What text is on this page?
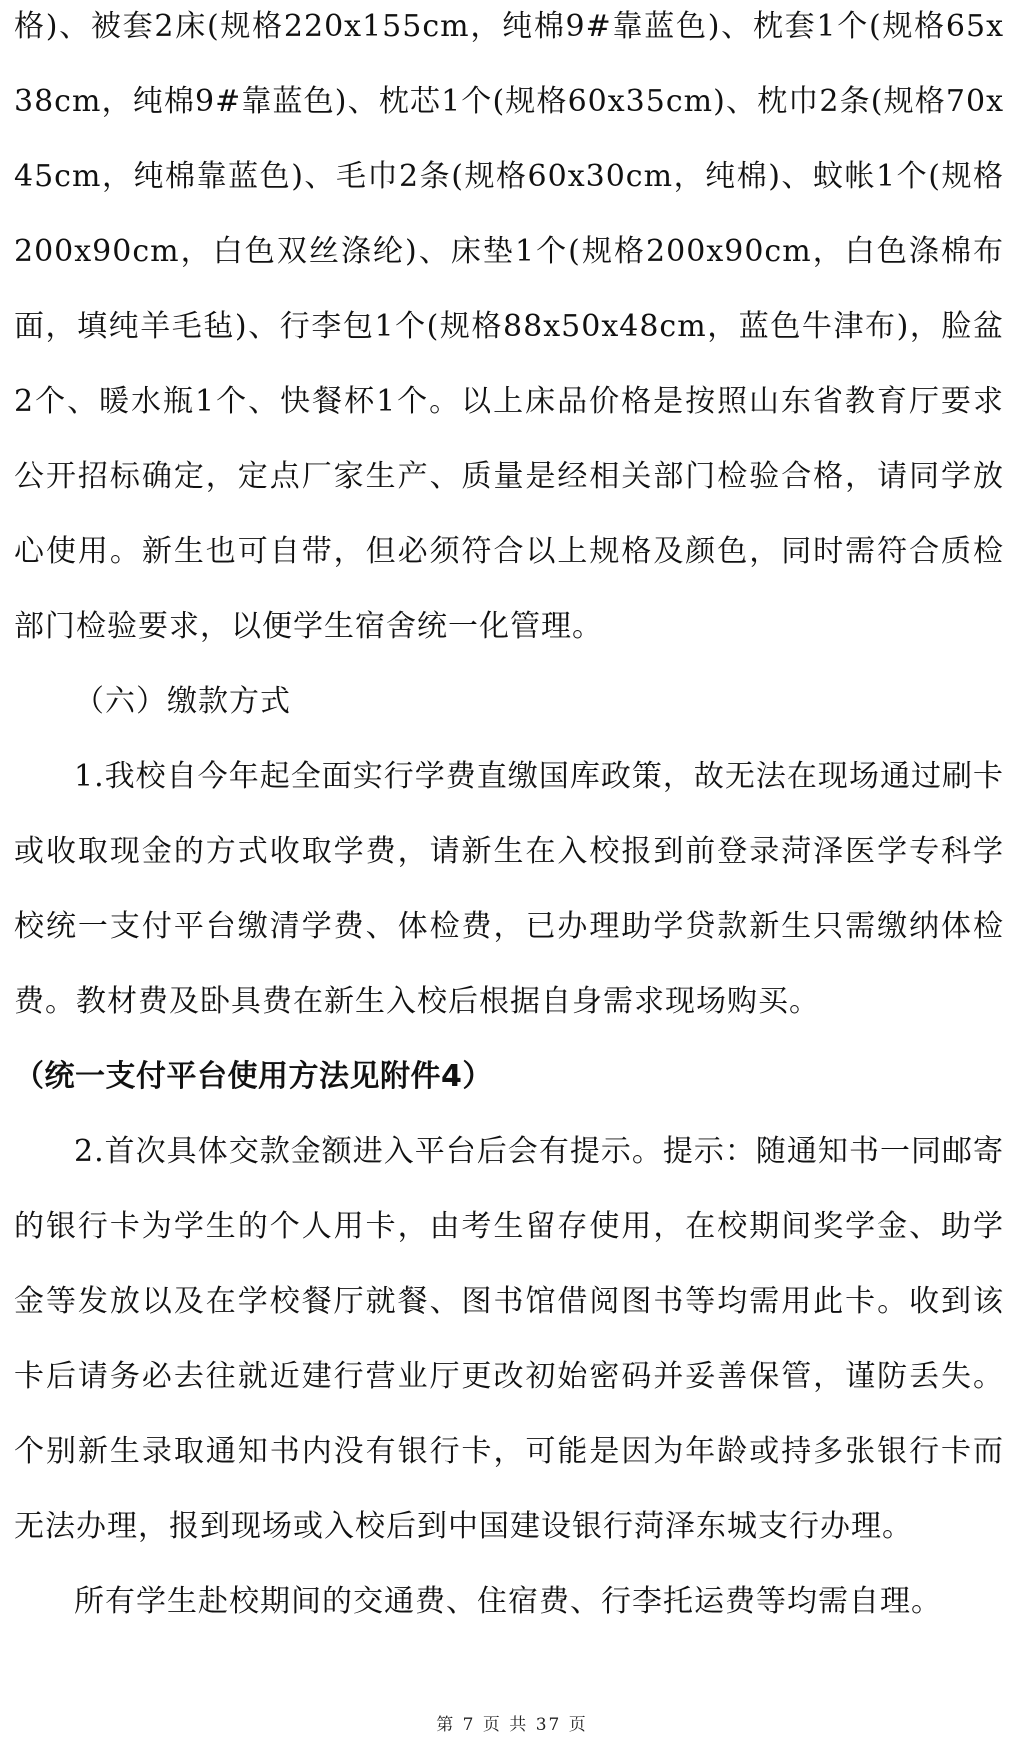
格)、被套2床(规格220x155cm，纯棉9#靠蓝色)、枕套1个(规格65x38cm，纯棉9#靠蓝色)、枕芯1个(规格60x35cm)、枕巾2条(规格70x45cm，纯棉靠蓝色)、毛巾2条(规格60x30cm，纯棉)、蚊帐1个(规格200x90cm，白色双丝涤纶)、床垫1个(规格200x90cm，白色涤棉布面，填纯羊毛毡)、行李包1个(规格88x50x48cm，蓝色牛津布)，脸盆2个、暖水瓶1个、快餐杯1个。以上床品价格是按照山东省教育厅要求公开招标确定，定点厂家生产、质量是经相关部门检验合格，请同学放心使用。新生也可自带，但必须符合以上规格及颜色，同时需符合质检部门检验要求，以便学生宿舍统一化管理。

（六）缴款方式

1.我校自今年起全面实行学费直缴国库政策，故无法在现场通过刷卡或收取现金的方式收取学费，请新生在入校报到前登录菏泽医学专科学校统一支付平台缴清学费、体检费，已办理助学贷款新生只需缴纳体检费。教材费及卧具费在新生入校后根据自身需求现场购买。

（统一支付平台使用方法见附件4）

2.首次具体交款金额进入平台后会有提示。提示：随通知书一同邮寄的银行卡为学生的个人用卡，由考生留存使用，在校期间奖学金、助学金等发放以及在学校餐厅就餐、图书馆借阅图书等均需用此卡。收到该卡后请务必去往就近建行营业厅更改初始密码并妥善保管，谨防丢失。个别新生录取通知书内没有银行卡，可能是因为年龄或持多张银行卡而无法办理，报到现场或入校后到中国建设银行菏泽东城支行办理。

所有学生赴校期间的交通费、住宿费、行李托运费等均需自理。

第 7 页 共 37 页
